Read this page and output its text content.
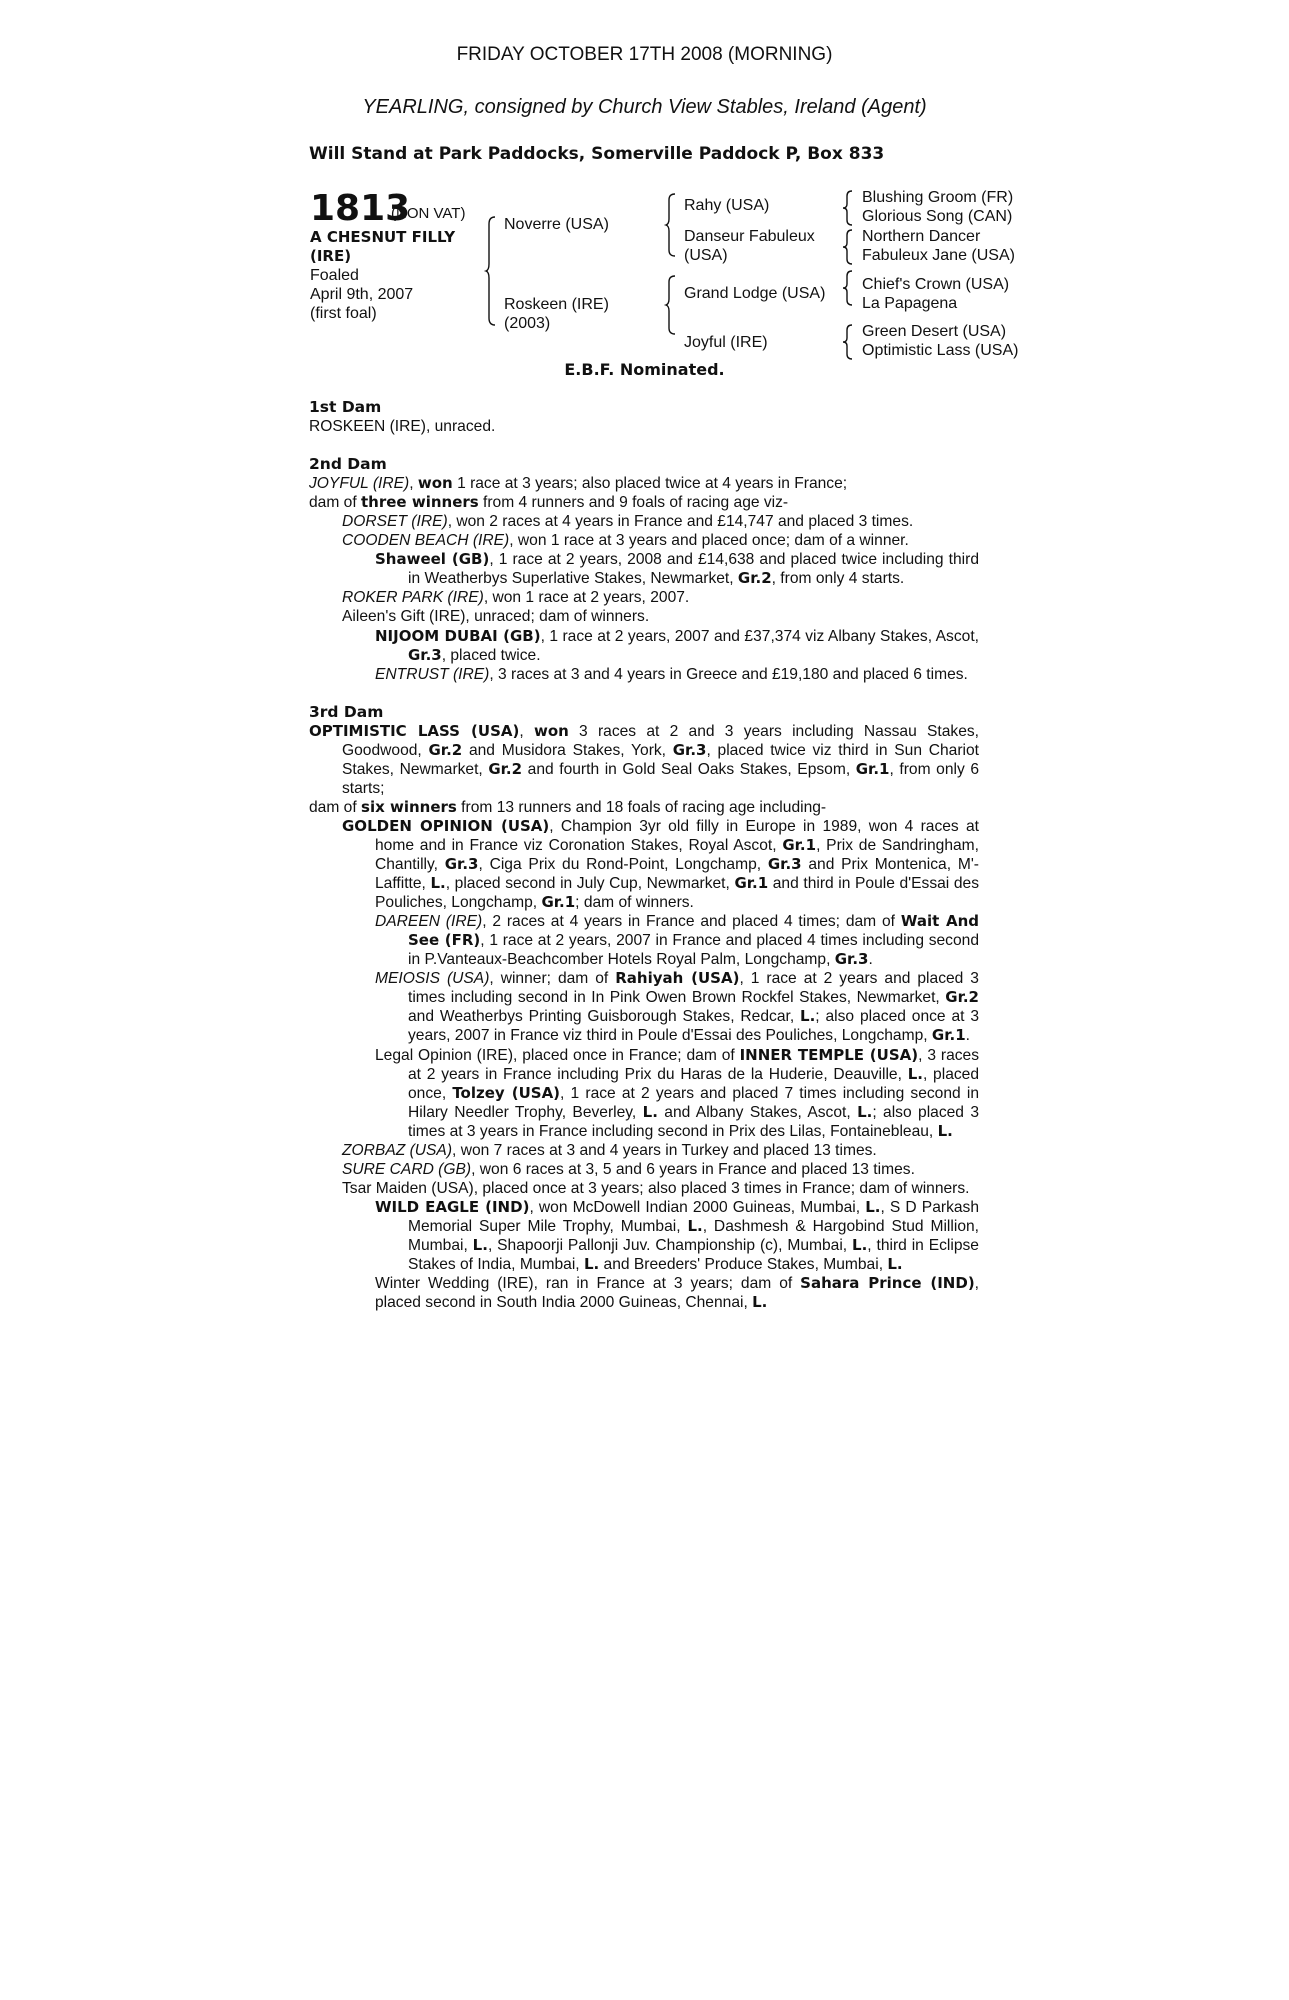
FRIDAY OCTOBER 17TH 2008 (MORNING)
YEARLING, consigned by Church View Stables, Ireland (Agent)
Will Stand at Park Paddocks, Somerville Paddock P, Box 833
1813
(NON VAT)
A CHESNUT FILLY
(IRE)
Foaled
April 9th, 2007
(first foal)
Noverre (USA)
Roskeen (IRE)
(2003)
Rahy (USA)
Danseur Fabuleux
(USA)
Grand Lodge (USA)
Joyful (IRE)
Blushing Groom (FR)
Glorious Song (CAN)
Northern Dancer
Fabuleux Jane (USA)
Chief's Crown (USA)
La Papagena
Green Desert (USA)
Optimistic Lass (USA)
E.B.F. Nominated.
1st Dam
ROSKEEN (IRE), unraced.
2nd Dam
JOYFUL (IRE), won 1 race at 3 years; also placed twice at 4 years in France;
dam of three winners from 4 runners and 9 foals of racing age viz-
DORSET (IRE), won 2 races at 4 years in France and £14,747 and placed 3 times.
COODEN BEACH (IRE), won 1 race at 3 years and placed once; dam of a winner.
Shaweel (GB), 1 race at 2 years, 2008 and £14,638 and placed twice including third in Weatherbys Superlative Stakes, Newmarket, Gr.2, from only 4 starts.
ROKER PARK (IRE), won 1 race at 2 years, 2007.
Aileen's Gift (IRE), unraced; dam of winners.
NIJOOM DUBAI (GB), 1 race at 2 years, 2007 and £37,374 viz Albany Stakes, Ascot, Gr.3, placed twice.
ENTRUST (IRE), 3 races at 3 and 4 years in Greece and £19,180 and placed 6 times.
3rd Dam
OPTIMISTIC LASS (USA), won 3 races at 2 and 3 years including Nassau Stakes, Goodwood, Gr.2 and Musidora Stakes, York, Gr.3, placed twice viz third in Sun Chariot Stakes, Newmarket, Gr.2 and fourth in Gold Seal Oaks Stakes, Epsom, Gr.1, from only 6 starts;
dam of six winners from 13 runners and 18 foals of racing age including-
GOLDEN OPINION (USA), Champion 3yr old filly in Europe in 1989, won 4 races at home and in France viz Coronation Stakes, Royal Ascot, Gr.1, Prix de Sandringham, Chantilly, Gr.3, Ciga Prix du Rond-Point, Longchamp, Gr.3 and Prix Montenica, M'-Laffitte, L., placed second in July Cup, Newmarket, Gr.1 and third in Poule d'Essai des Pouliches, Longchamp, Gr.1; dam of winners.
DAREEN (IRE), 2 races at 4 years in France and placed 4 times; dam of Wait And See (FR), 1 race at 2 years, 2007 in France and placed 4 times including second in P.Vanteaux-Beachcomber Hotels Royal Palm, Longchamp, Gr.3.
MEIOSIS (USA), winner; dam of Rahiyah (USA), 1 race at 2 years and placed 3 times including second in In Pink Owen Brown Rockfel Stakes, Newmarket, Gr.2 and Weatherbys Printing Guisborough Stakes, Redcar, L.; also placed once at 3 years, 2007 in France viz third in Poule d'Essai des Pouliches, Longchamp, Gr.1.
Legal Opinion (IRE), placed once in France; dam of INNER TEMPLE (USA), 3 races at 2 years in France including Prix du Haras de la Huderie, Deauville, L., placed once, Tolzey (USA), 1 race at 2 years and placed 7 times including second in Hilary Needler Trophy, Beverley, L. and Albany Stakes, Ascot, L.; also placed 3 times at 3 years in France including second in Prix des Lilas, Fontainebleau, L.
ZORBAZ (USA), won 7 races at 3 and 4 years in Turkey and placed 13 times.
SURE CARD (GB), won 6 races at 3, 5 and 6 years in France and placed 13 times.
Tsar Maiden (USA), placed once at 3 years; also placed 3 times in France; dam of winners.
WILD EAGLE (IND), won McDowell Indian 2000 Guineas, Mumbai, L., S D Parkash Memorial Super Mile Trophy, Mumbai, L., Dashmesh & Hargobind Stud Million, Mumbai, L., Shapoorji Pallonji Juv. Championship (c), Mumbai, L., third in Eclipse Stakes of India, Mumbai, L. and Breeders' Produce Stakes, Mumbai, L.
Winter Wedding (IRE), ran in France at 3 years; dam of Sahara Prince (IND), placed second in South India 2000 Guineas, Chennai, L.
